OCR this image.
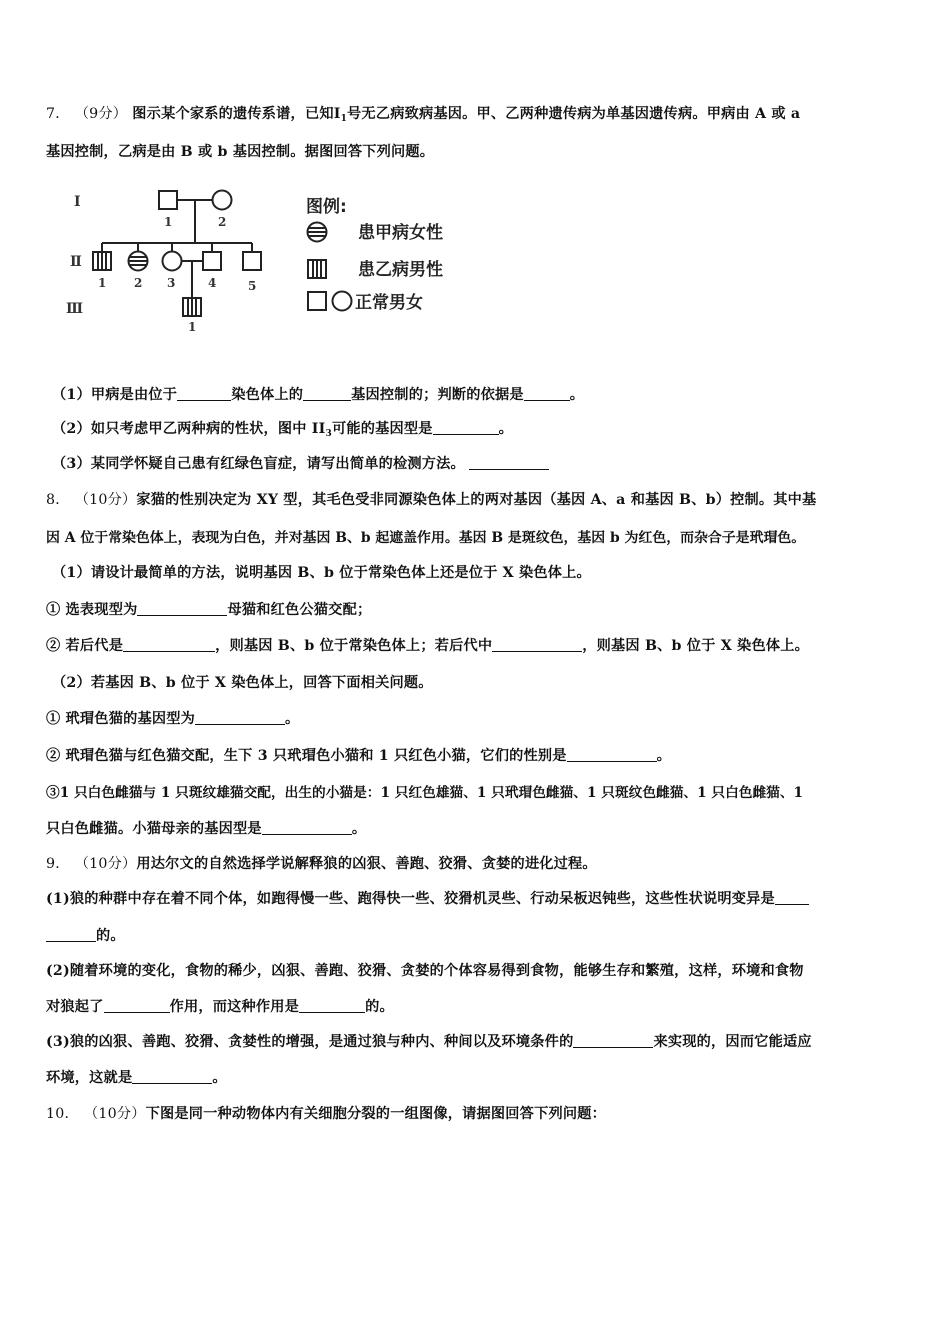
7． （9分） 图示某个家系的遗传系谱，已知$Ⅰ_1$号无乙病致病基因。甲、乙两种遗传病为单基因遗传病。甲病由 A 或 a
基因控制，乙病是由 B 或 b 基因控制。据图回答下列问题。
Ⅰ
Ⅱ
Ⅲ
1	2
1 2 3	4	5
1
图例:
患甲病女性
患乙病男性
正常男女
（1）甲病是由位于	染色体上的	基因控制的；判断的依据是	。
（2）如只考虑甲乙两种病的性状，图中 $II_3$可能的基因型是	。
（3）某同学怀疑自己患有红绿色盲症，请写出简单的检测方法。
8． （10分）家猫的性别决定为 XY 型，其毛色受非同源染色体上的两对基因（基因 A、a 和基因 B、b）控制。其中基
因 A 位于常染色体上，表现为白色，并对基因 B、b 起遮盖作用。基因 B 是斑纹色，基因 b 为红色，而杂合子是玳瑁色。
（1）请设计最简单的方法，说明基因 B、b 位于常染色体上还是位于 X 染色体上。
① 选表现型为	母猫和红色公猫交配；
② 若后代是	，则基因 B、b 位于常染色体上；若后代中	，则基因 B、b 位于 X 染色体上。
（2）若基因 B、b 位于 X 染色体上，回答下面相关问题。
① 玳瑁色猫的基因型为	。
② 玳瑁色猫与红色猫交配，生下 3 只玳瑁色小猫和 1 只红色小猫，它们的性别是	。
③1 只白色雌猫与 1 只斑纹雄猫交配，出生的小猫是：1 只红色雄猫、1 只玳瑁色雌猫、1 只斑纹色雌猫、1 只白色雌猫、1
只白色雌猫。小猫母亲的基因型是	。
9． （10分）用达尔文的自然选择学说解释狼的凶狠、善跑、狡猾、贪婪的进化过程。
(1)狼的种群中存在着不同个体，如跑得慢一些、跑得快一些、狡猾机灵些、行动呆板迟钝些，这些性状说明变异是
的。
(2)随着环境的变化，食物的稀少，凶狠、善跑、狡猾、贪婪的个体容易得到食物，能够生存和繁殖，这样，环境和食物
对狼起了	作用，而这种作用是	的。
(3)狼的凶狠、善跑、狡猾、贪婪性的增强，是通过狼与种内、种间以及环境条件的	来实现的，因而它能适应
环境，这就是	。
10． （10分）下图是同一种动物体内有关细胞分裂的一组图像，请据图回答下列问题：
